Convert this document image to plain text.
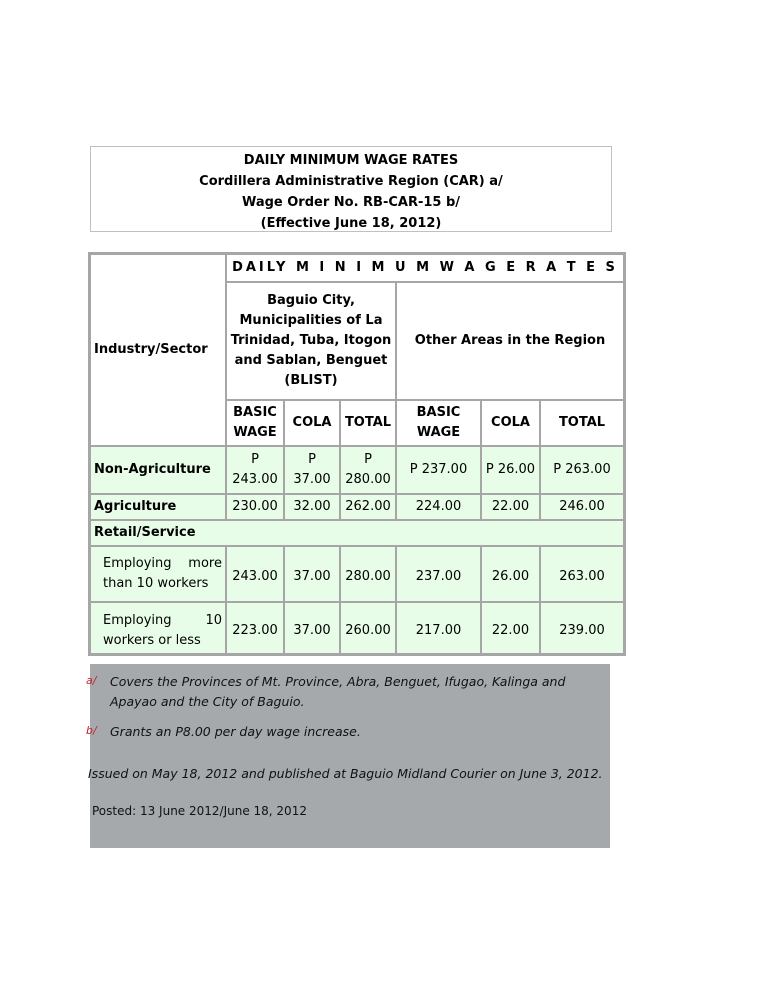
DAILY MINIMUM WAGE RATES
Cordillera Administrative Region (CAR) a/
Wage Order No. RB-CAR-15 b/
(Effective June 18, 2012)
Industry/Sector	DAILY M I N I M U M W A G E R A T E S					
	Baguio City, Municipalities of La Trinidad, Tuba, Itogon and Sablan, Benguet (BLIST)			Other Areas in the Region		
	BASIC WAGE	COLA	TOTAL	BASIC WAGE	COLA	TOTAL
Non-Agriculture	P 243.00	P 37.00	P 280.00	P 237.00	P 26.00	P 263.00
Agriculture	230.00	32.00	262.00	224.00	22.00	246.00
Retail/Service						
Employing more than 10 workers	243.00	37.00	280.00	237.00	26.00	263.00
Employing 10 workers or less	223.00	37.00	260.00	217.00	22.00	239.00
a/ Covers the Provinces of Mt. Province, Abra, Benguet, Ifugao, Kalinga and Apayao and the City of Baguio.
b/ Grants an P8.00 per day wage increase.
Issued on May 18, 2012 and published at Baguio Midland Courier on June 3, 2012.
Posted: 13 June 2012/June 18, 2012
